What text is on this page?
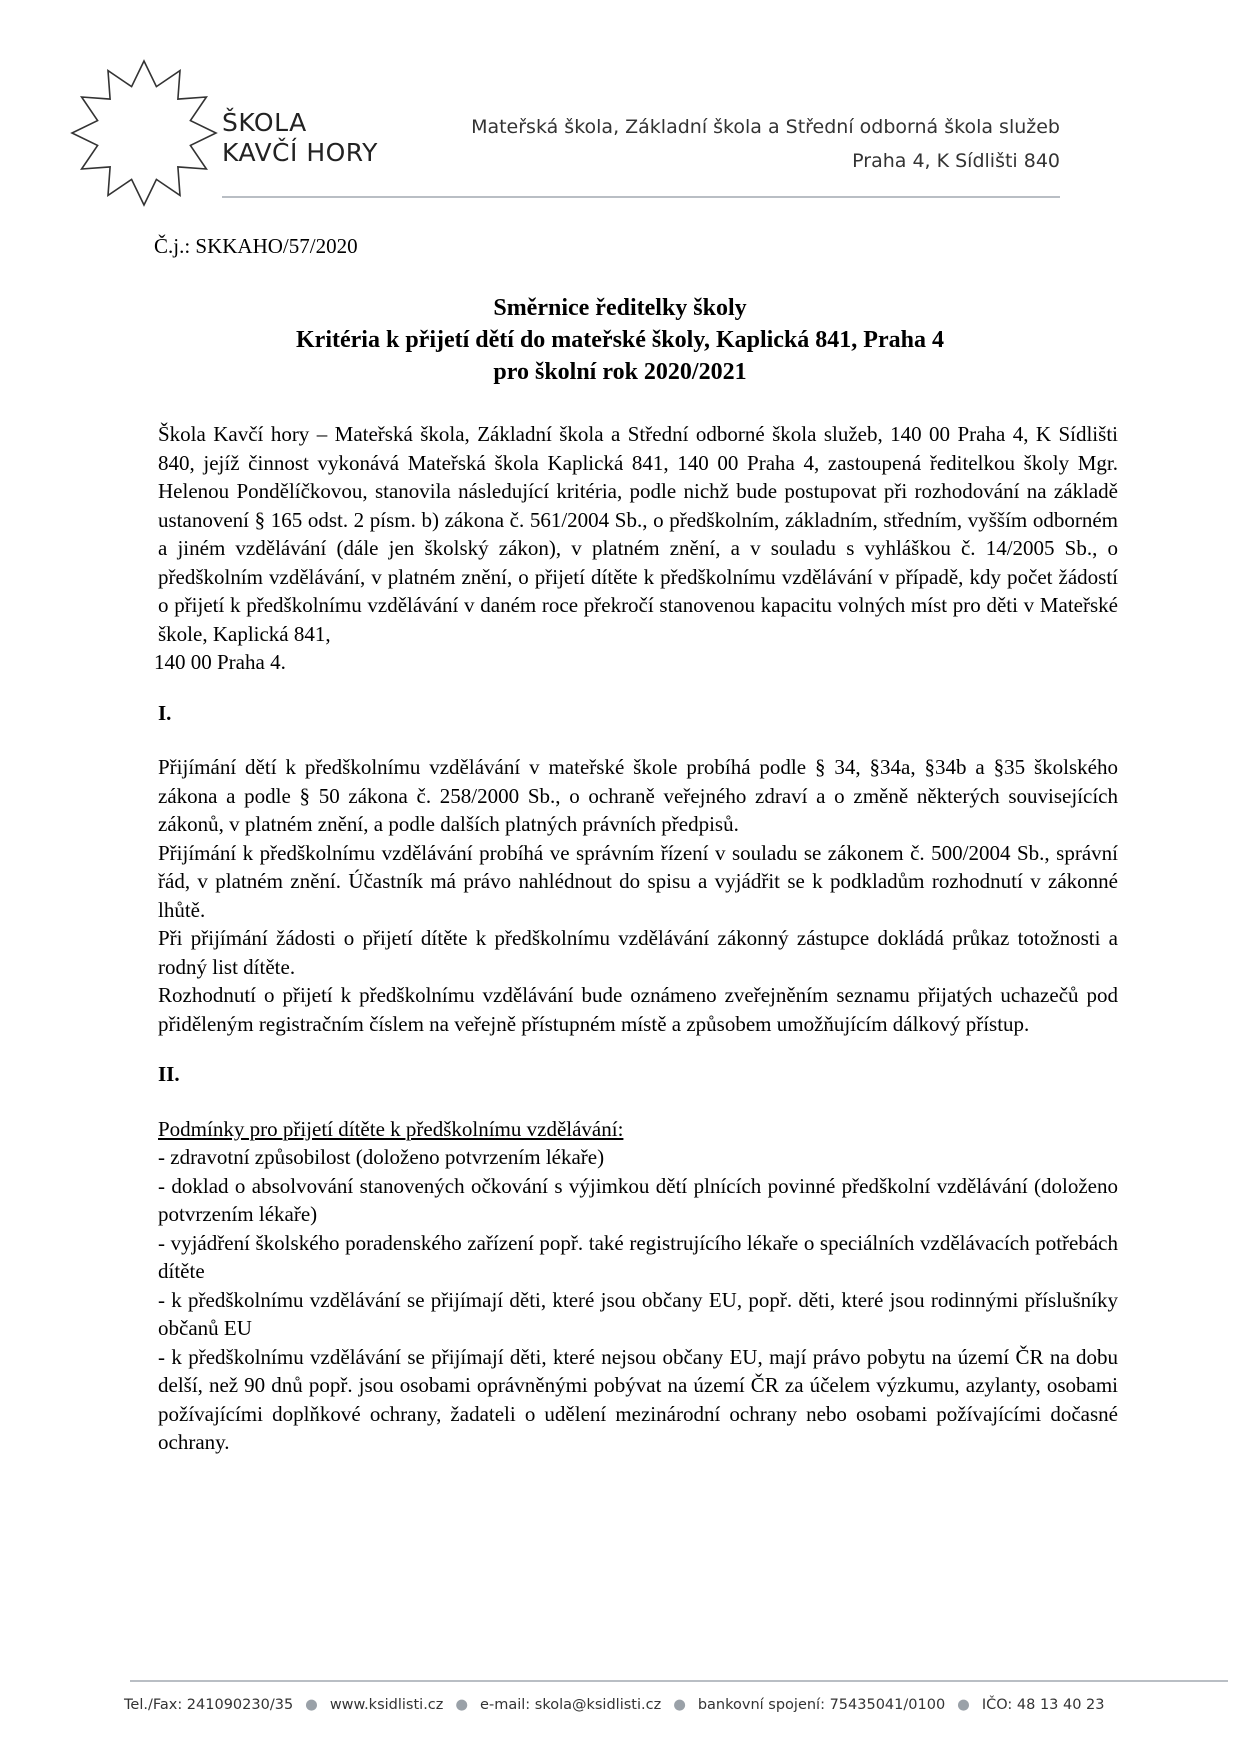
ŠKOLA
KAVČÍ HORY
Mateřská škola, Základní škola a Střední odborná škola služeb
Praha 4, K Sídlišti 840
Č.j.: SKKAHO/57/2020
Směrnice ředitelky školy
Kritéria k přijetí dětí do mateřské školy, Kaplická 841, Praha 4
pro školní rok 2020/2021

Škola Kavčí hory – Mateřská škola, Základní škola a Střední odborné škola služeb, 140 00 Praha 4, K Sídlišti 840, jejíž činnost vykonává Mateřská škola Kaplická 841, 140 00 Praha 4, zastoupená ředitelkou školy Mgr. Helenou Pondělíčkovou, stanovila následující kritéria, podle nichž bude postupovat při rozhodování na základě ustanovení § 165 odst. 2 písm. b) zákona č. 561/2004 Sb., o předškolním, základním, středním, vyšším odborném a jiném vzdělávání (dále jen školský zákon), v platném znění, a v souladu s vyhláškou č. 14/2005 Sb., o předškolním vzdělávání, v platném znění, o přijetí dítěte k předškolnímu vzdělávání v případě, kdy počet žádostí o přijetí k předškolnímu vzdělávání v daném roce překročí stanovenou kapacitu volných míst pro děti v Mateřské škole, Kaplická 841,

140 00 Praha 4.

I.

Přijímání dětí k předškolnímu vzdělávání v mateřské škole probíhá podle § 34, §34a, §34b a §35 školského zákona a podle § 50 zákona č. 258/2000 Sb., o ochraně veřejného zdraví a o změně některých souvisejících zákonů, v platném znění, a podle dalších platných právních předpisů.

Přijímání k předškolnímu vzdělávání probíhá ve správním řízení v souladu se zákonem č. 500/2004 Sb., správní řád, v platném znění. Účastník má právo nahlédnout do spisu a vyjádřit se k podkladům rozhodnutí v zákonné lhůtě.

Při přijímání žádosti o přijetí dítěte k předškolnímu vzdělávání zákonný zástupce dokládá průkaz totožnosti a rodný list dítěte.

Rozhodnutí o přijetí k předškolnímu vzdělávání bude oznámeno zveřejněním seznamu přijatých uchazečů pod přiděleným registračním číslem na veřejně přístupném místě a způsobem umožňujícím dálkový přístup.

II.

Podmínky pro přijetí dítěte k předškolnímu vzdělávání:

- zdravotní způsobilost (doloženo potvrzením lékaře)

- doklad o absolvování stanovených očkování s výjimkou dětí plnících povinné předškolní vzdělávání (doloženo potvrzením lékaře)

- vyjádření školského poradenského zařízení popř. také registrujícího lékaře o speciálních vzdělávacích potřebách dítěte

- k předškolnímu vzdělávání se přijímají děti, které jsou občany EU, popř. děti, které jsou rodinnými příslušníky občanů EU

- k předškolnímu vzdělávání se přijímají děti, které nejsou občany EU, mají právo pobytu na území ČR na dobu delší, než 90 dnů popř. jsou osobami oprávněnými pobývat na území ČR za účelem výzkumu, azylanty, osobami požívajícími doplňkové ochrany, žadateli o udělení mezinárodní ochrany nebo osobami požívajícími dočasné ochrany.

Tel./Fax: 241090230/35 ● www.ksidlisti.cz ● e-mail: skola@ksidlisti.cz ● bankovní spojení: 75435041/0100 ● IČO: 48 13 40 23
